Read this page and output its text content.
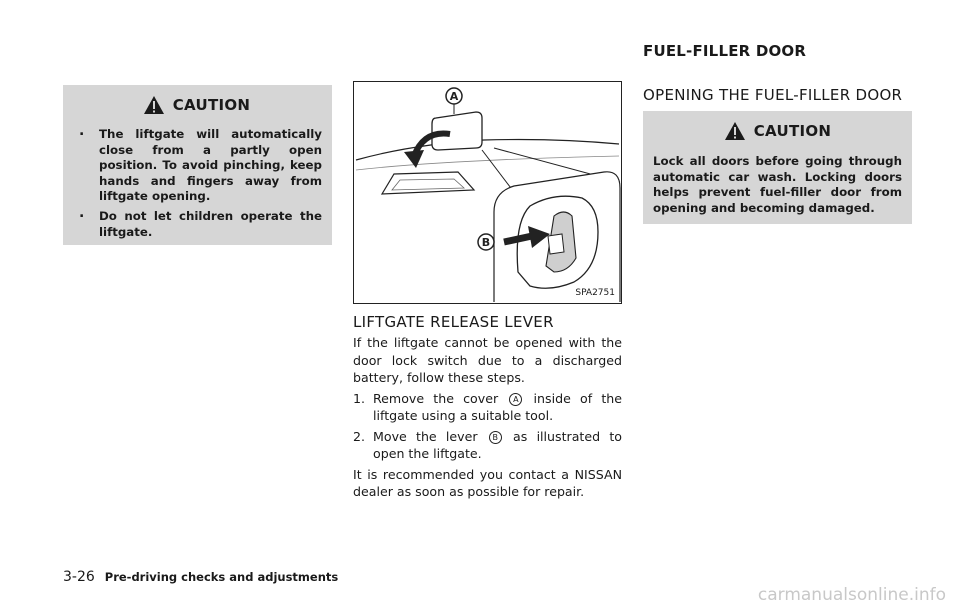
FUEL-FILLER DOOR
CAUTION
. The liftgate will automatically close from a partly open position. To avoid pinching, keep hands and fingers away from liftgate opening.
. Do not let children operate the liftgate.
A
B
SPA2751
LIFTGATE RELEASE LEVER

If the liftgate cannot be opened with the door lock switch due to a discharged battery, follow these steps.

1. Remove the cover A inside of the liftgate using a suitable tool.
2. Move the lever B as illustrated to open the liftgate.

It is recommended you contact a NISSAN dealer as soon as possible for repair.

OPENING THE FUEL-FILLER DOOR
CAUTION

Lock all doors before going through automatic car wash. Locking doors helps prevent fuel-filler door from opening and becoming damaged.

3-26 Pre-driving checks and adjustments
carmanualsonline.info
